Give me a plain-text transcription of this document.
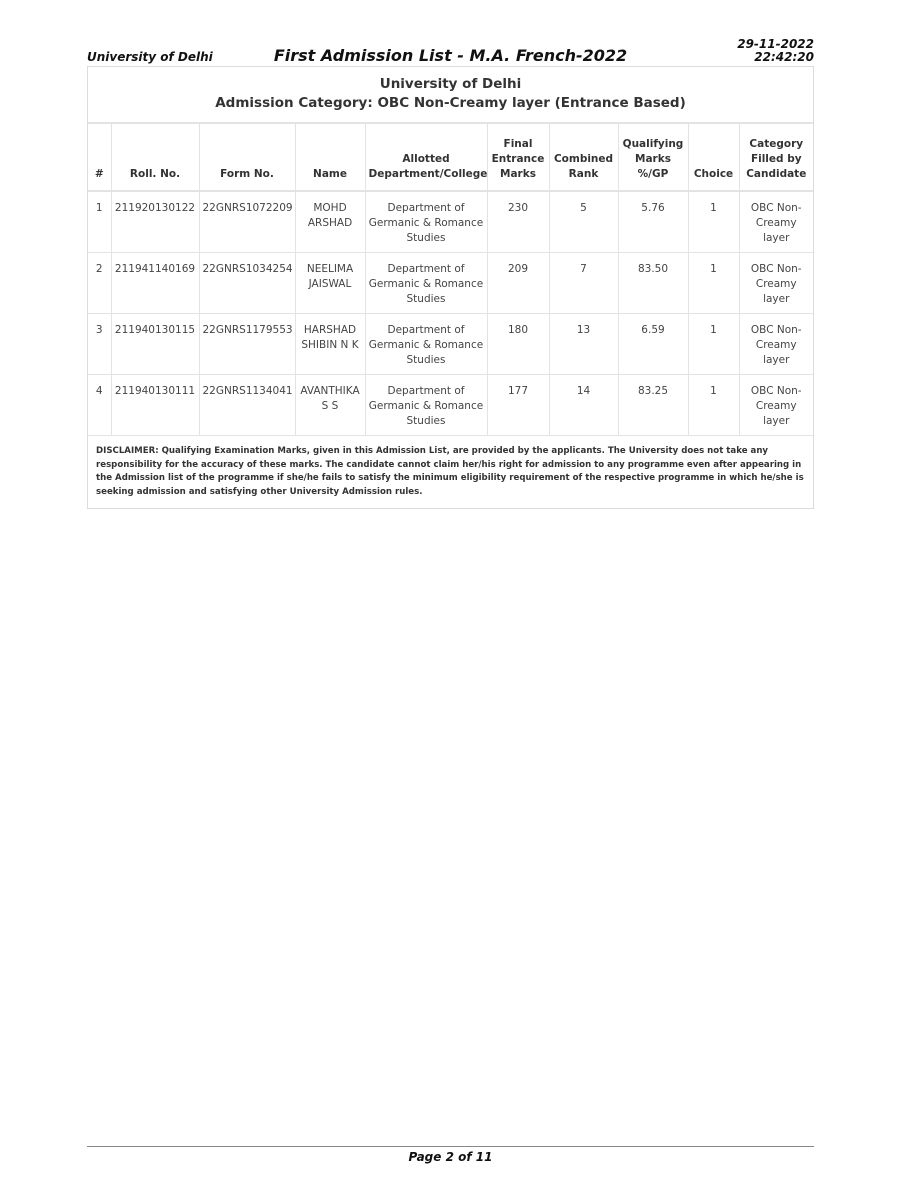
University of Delhi	First Admission List - M.A. French-2022
29-11-2022
22:42:20
University of Delhi
Admission Category: OBC Non-Creamy layer (Entrance Based)
#	Roll. No.	Form No.	Name	Allotted Department/College	Final Entrance Marks	Combined Rank	Qualifying Marks %/GP	Choice	Category Filled by Candidate
1	211920130122	22GNRS1072209	MOHD ARSHAD	Department of Germanic & Romance Studies	230	5	5.76	1	OBC Non-Creamy layer
2	211941140169	22GNRS1034254	NEELIMA JAISWAL	Department of Germanic & Romance Studies	209	7	83.50	1	OBC Non-Creamy layer
3	211940130115	22GNRS1179553	HARSHAD SHIBIN N K	Department of Germanic & Romance Studies	180	13	6.59	1	OBC Non-Creamy layer
4	211940130111	22GNRS1134041	AVANTHIKA S S	Department of Germanic & Romance Studies	177	14	83.25	1	OBC Non-Creamy layer
DISCLAIMER: Qualifying Examination Marks, given in this Admission List, are provided by the applicants. The University does not take any responsibility for the accuracy of these marks. The candidate cannot claim her/his right for admission to any programme even after appearing in the Admission list of the programme if she/he fails to satisfy the minimum eligibility requirement of the respective programme in which he/she is seeking admission and satisfying other University Admission rules.
Page 2 of 11
